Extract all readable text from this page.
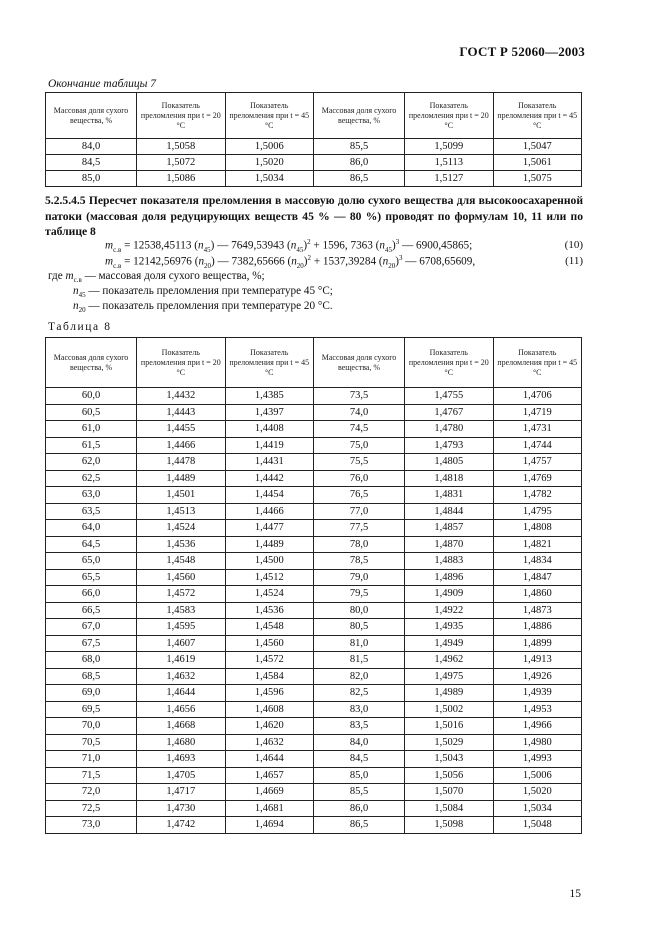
ГОСТ Р 52060—2003
Окончание таблицы 7
Массовая доля сухого вещества, %	Показатель преломления при t = 20 °С	Показатель преломления при t = 45 °С	Массовая доля сухого вещества, %	Показатель преломления при t = 20 °С	Показатель преломления при t = 45 °С
84,0	1,5058	1,5006	85,5	1,5099	1,5047
84,5	1,5072	1,5020	86,0	1,5113	1,5061
85,0	1,5086	1,5034	86,5	1,5127	1,5075
5.2.5.4.5 Пересчет показателя преломления в массовую долю сухого вещества для высокоосахаренной патоки (массовая доля редуцирующих веществ 45 % — 80 %) проводят по формулам 10, 11 или по таблице 8
$m_{с.в} = 12538,45113$ $(n_{45})$ — 7649,53943 $(n_{45})^2 + 1596$, 7363 $(n_{45})^3$ — 6900,45865;	(10)
$m_{с.в} = 12142,56976$ $(n_{20})$ — 7382,65666 $(n_{20})^2 + 1537,39284$ $(n_{20})^3$ — 6708,65609,	(11)
где $m_{с.в}$ — массовая доля сухого вещества, %;
$n_{45}$ — показатель преломления при температуре 45 °С;
$n_{20}$ — показатель преломления при температуре 20 °С.
Таблица 8
Массовая доля сухого вещества, %	Показатель преломления при t = 20 °С	Показатель преломления при t = 45 °С	Массовая доля сухого вещества, %	Показатель преломления при t = 20 °С	Показатель преломления при t = 45 °С
60,0	1,4432	1,4385	73,5	1,4755	1,4706
60,5	1,4443	1,4397	74,0	1,4767	1,4719
61,0	1,4455	1,4408	74,5	1,4780	1,4731
61,5	1,4466	1,4419	75,0	1,4793	1,4744
62,0	1,4478	1,4431	75,5	1,4805	1,4757
62,5	1,4489	1,4442	76,0	1,4818	1,4769
63,0	1,4501	1,4454	76,5	1,4831	1,4782
63,5	1,4513	1,4466	77,0	1,4844	1,4795
64,0	1,4524	1,4477	77,5	1,4857	1,4808
64,5	1,4536	1,4489	78,0	1,4870	1,4821
65,0	1,4548	1,4500	78,5	1,4883	1,4834
65,5	1,4560	1,4512	79,0	1,4896	1,4847
66,0	1,4572	1,4524	79,5	1,4909	1,4860
66,5	1,4583	1,4536	80,0	1,4922	1,4873
67,0	1,4595	1,4548	80,5	1,4935	1,4886
67,5	1,4607	1,4560	81,0	1,4949	1,4899
68,0	1,4619	1,4572	81,5	1,4962	1,4913
68,5	1,4632	1,4584	82,0	1,4975	1,4926
69,0	1,4644	1,4596	82,5	1,4989	1,4939
69,5	1,4656	1,4608	83,0	1,5002	1,4953
70,0	1,4668	1,4620	83,5	1,5016	1,4966
70,5	1,4680	1,4632	84,0	1,5029	1,4980
71,0	1,4693	1,4644	84,5	1,5043	1,4993
71,5	1,4705	1,4657	85,0	1,5056	1,5006
72,0	1,4717	1,4669	85,5	1,5070	1,5020
72,5	1,4730	1,4681	86,0	1,5084	1,5034
73,0	1,4742	1,4694	86,5	1,5098	1,5048
15
